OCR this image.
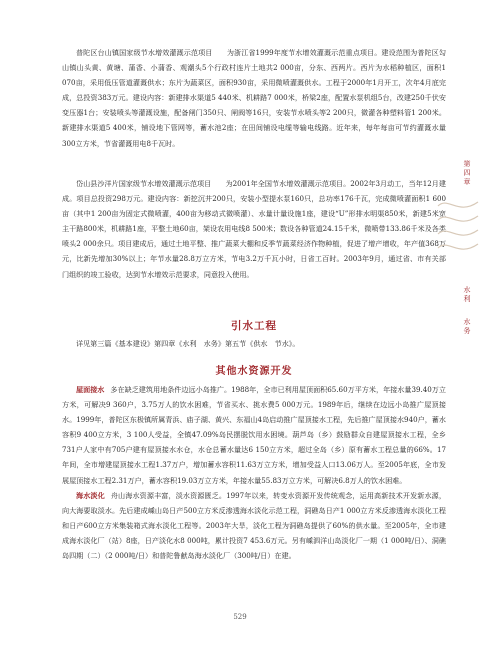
普陀区台山镇国家级节水增效灌溉示范项目　　为浙江省1999年度节水增效灌溉示范重点项目。建设范围为普陀区勾山镇山头黄、黄塘、蒲香、小蒲香、观潮头5个行政村连片土地共2 000亩，分东、西两片。西片为水稻种植区，面积1 070亩，采用低压管道灌溉供水；东片为蔬菜区，面积930亩，采用微喷灌溉供水。工程于2000年1月开工，次年4月底完成，总投资383万元。建设内容：新建排水渠道5 440米、机耕路7 000米，桥梁2座，配置水泵机组5台，改建250千伏安变压器1台；安装喷头等灌溉设施，配备闸门350只、闸阀等16只，安装节水喷头等2 200只，微灌各种塑料管1 200米。新建排水渠道5 400米，铺设地下管网等，蓄水池2座；在田间铺设电缆等输电线路。近年来，每年每亩可节约灌溉水量300立方米，节省灌溉用电8千瓦时。

岱山县沙洋片国家级节水增效灌溉示范项目　　为2001年全国节水增效灌溉示范项目。2002年3月动工，当年12月建成。项目总投资298万元。建设内容：新挖沉井200只，安装小型提水泵160只，总功率176千瓦，完成微喷灌面积1 600亩（其中1 200亩为固定式微喷灌，400亩为移动式微喷灌）、水量计量设施1座，建设“U”形排水明渠850米，新建5米宽主干路800米，机耕路1座，平整土地60亩，架设农用电线8 500米；数设各种管道24.15千米，微喷带133.86千米及各类喷头2 000余只。项目建成后，通过土地平整、推广蔬菜大棚和反季节蔬菜经济作物种植，促进了增产增收，年产值368万元，比新先增加30%以上；年节水量28.8万立方米，节电3.2万千瓦小时，日省工百时。2003年9月，通过省、市有关部门组织的竣工验收，达到节水增效示范要求，同意投入使用。

引水工程
详见第三篇《基本建设》第四章《水利　水务》第五节《供水　节水》。
其他水资源开发

屋面接水 多在缺乏建筑用地条件边远小岛推广。1988年，全市已利用屋顶面积65.60万平方米，年接水量39.40万立方米，可解决9 360户，3.75万人的饮水困难，节省买水、挑水费5 000万元。1989年后，继续在边远小岛推广屋顶接水。1999年，普陀区东极镇所属青浜、庙子湖、黄兴、东福山4岛启动推广屋顶接水工程，先后推广屋顶接水940户，蓄水容积9 400立方米，3 100人受益，全镇47.09%岛民摆脱饮用水困境。葫芦岛（乡）鼓励群众自建屋顶接水工程，全乡731户人家中有705户建有屋顶接水水仓，水仓总蓄水量达6 150立方米，超过全岛（乡）原有蓄水工程总量的66%。17年间，全市增建屋顶接水工程1.37万户，增加蓄水容积11.63万立方米，增加受益人口13.06万人。至2005年底，全市发展屋顶接水工程2.31万户，蓄水容积19.03万立方米，年接水量55.83万立方米，可解决6.8万人的饮水困难。

海水淡化 舟山海水资源丰富，淡水资源匮乏。1997年以来，转变水资源开发传统观念，运用高新技术开发新水源，向大海要取淡水。先后建成嵊山岛日产500立方米反渗透海水淡化示范工程，洞礁岛日产1 000立方米反渗透海水淡化工程和日产600立方米集装箱式海水淡化工程等。2003年大旱，淡化工程为洞礁岛提供了60%的供水量。至2005年，全市建成海水淡化厂（站）8座，日产淡化水8 000吨，累计投资7 453.6万元。另有嵊泗洋山岛淡化厂一期（1 000吨/日）、洞礁岛四期（二）（2 000吨/日）和普陀鲁献岛海水淡化厂（300吨/日）在建。

第四章
水利
水务
529
